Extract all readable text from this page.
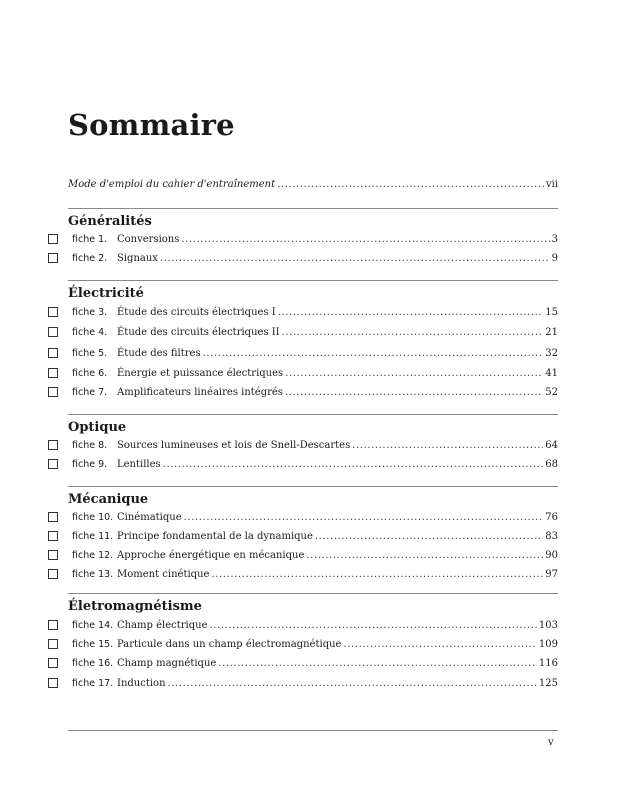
Sommaire
Mode d'emploi du cahier d'entraînement .....	vii
Généralités
fiche 1. Conversions .....	3
fiche 2. Signaux .....	9
Électricité
fiche 3. Étude des circuits électriques I .....	15
fiche 4. Étude des circuits électriques II .....	21
fiche 5. Étude des filtres .....	32
fiche 6. Énergie et puissance électriques .....	41
fiche 7. Amplificateurs linéaires intégrés .....	52
Optique
fiche 8. Sources lumineuses et lois de Snell-Descartes .....	64
fiche 9. Lentilles .....	68
Mécanique
fiche 10. Cinématique .....	76
fiche 11. Principe fondamental de la dynamique .....	83
fiche 12. Approche énergétique en mécanique .....	90
fiche 13. Moment cinétique .....	97
Életromagnétisme
fiche 14. Champ électrique .....	103
fiche 15. Particule dans un champ électromagnétique .....	109
fiche 16. Champ magnétique .....	116
fiche 17. Induction .....	125
v
